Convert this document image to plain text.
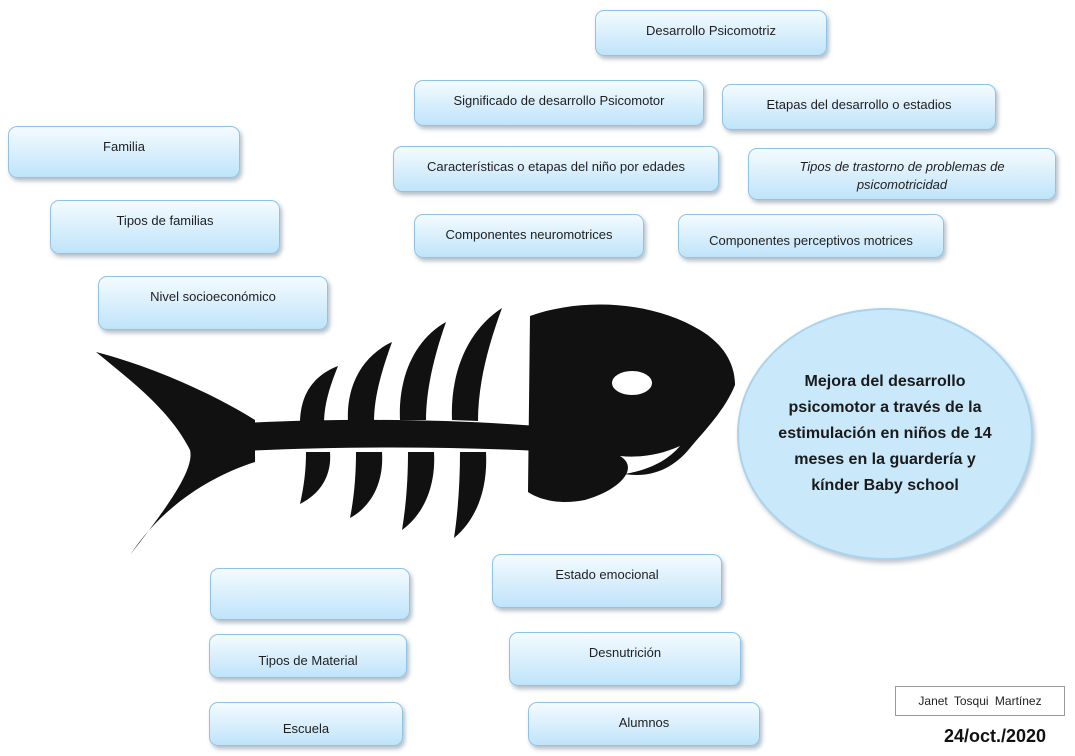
Desarrollo Psicomotriz
Significado de desarrollo Psicomotor	Etapas del desarrollo o estadios
Familia
Características o etapas del niño por edades	Tipos de trastorno de problemas de psicomotricidad
Tipos de familias
Componentes neuromotrices	Componentes perceptivos motrices
Nivel socioeconómico
Estado emocional
Tipos de Material
Desnutrición
Escuela	Alumnos
Mejora del desarrollo psicomotor a través de la estimulación en niños de 14 meses en la guardería y kínder Baby school
Janet Tosqui Martínez
24/oct./2020
